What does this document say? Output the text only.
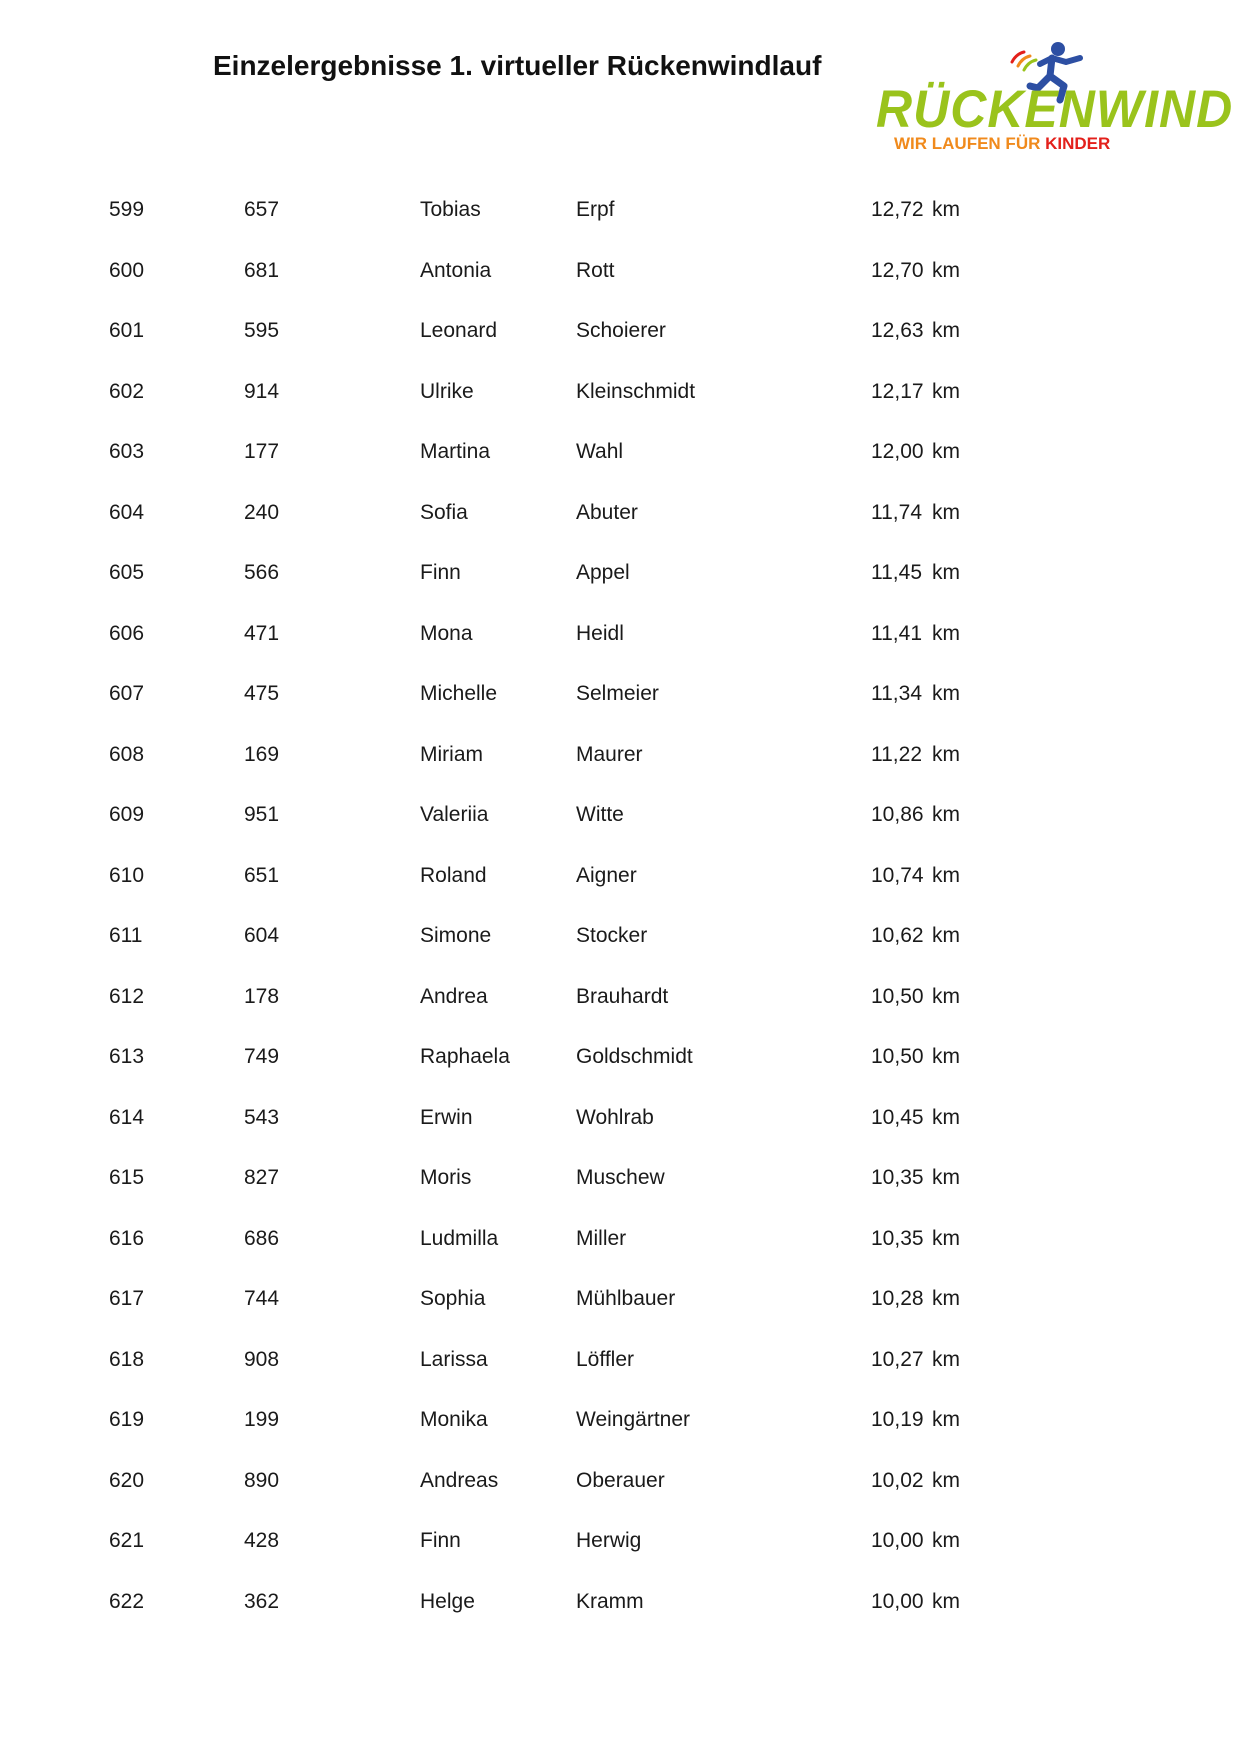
Einzelergebnisse 1. virtueller Rückenwindlauf
RÜCKENWIND
WIR LAUFEN FÜR KINDER
599	657	Tobias	Erpf	12,72 km
600	681	Antonia	Rott	12,70 km
601	595	Leonard	Schoierer	12,63 km
602	914	Ulrike	Kleinschmidt	12,17 km
603	177	Martina	Wahl	12,00 km
604	240	Sofia	Abuter	11,74 km
605	566	Finn	Appel	11,45 km
606	471	Mona	Heidl	11,41 km
607	475	Michelle	Selmeier	11,34 km
608	169	Miriam	Maurer	11,22 km
609	951	Valeriia	Witte	10,86 km
610	651	Roland	Aigner	10,74 km
611	604	Simone	Stocker	10,62 km
612	178	Andrea	Brauhardt	10,50 km
613	749	Raphaela	Goldschmidt	10,50 km
614	543	Erwin	Wohlrab	10,45 km
615	827	Moris	Muschew	10,35 km
616	686	Ludmilla	Miller	10,35 km
617	744	Sophia	Mühlbauer	10,28 km
618	908	Larissa	Löffler	10,27 km
619	199	Monika	Weingärtner	10,19 km
620	890	Andreas	Oberauer	10,02 km
621	428	Finn	Herwig	10,00 km
622	362	Helge	Kramm	10,00 km
